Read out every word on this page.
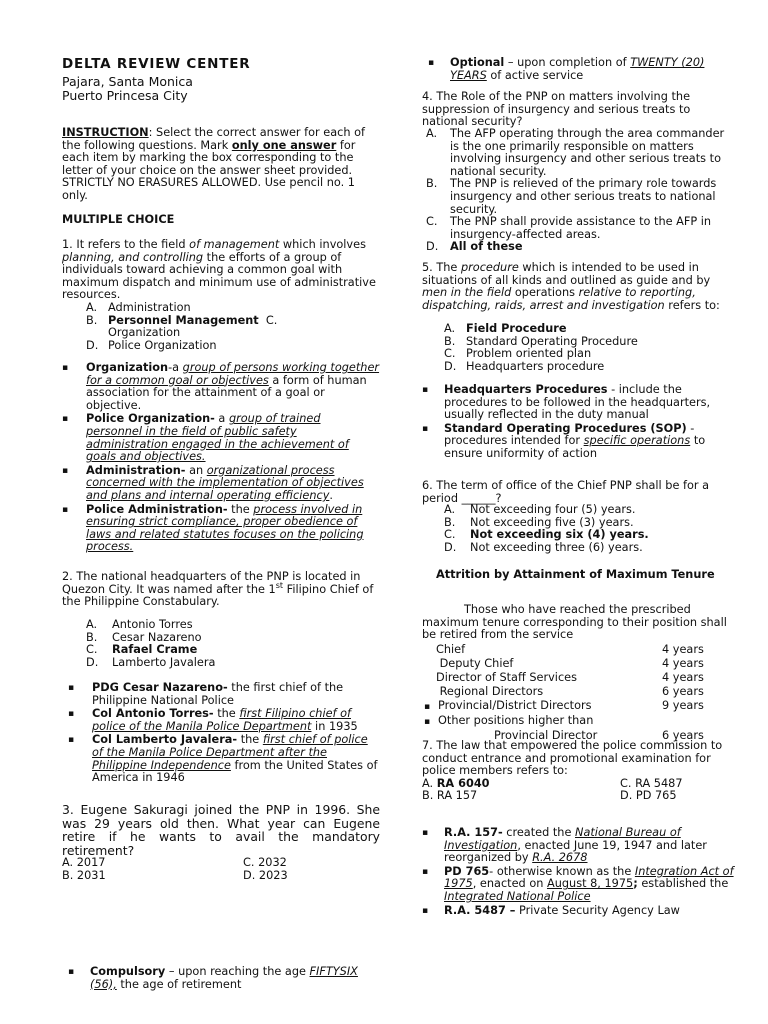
DELTA REVIEW CENTER

Pajara, Santa Monica

Puerto Princesa City

INSTRUCTION: Select the correct answer for each of the following questions. Mark only one answer for each item by marking the box corresponding to the letter of your choice on the answer sheet provided. STRICTLY NO ERASURES ALLOWED. Use pencil no. 1 only.

MULTIPLE CHOICE

1. It refers to the field of management which involves planning, and controlling the efforts of a group of individuals toward achieving a common goal with maximum dispatch and minimum use of administrative resources.

A. Administration
B. Personnel Management C.
Organization
D. Police Organization
▪ Organization-a group of persons working together for a common goal or objectives a form of human association for the attainment of a goal or objective.
▪ Police Organization- a group of trained personnel in the field of public safety administration engaged in the achievement of goals and objectives.
▪ Administration- an organizational process concerned with the implementation of objectives and plans and internal operating efficiency.
▪ Police Administration- the process involved in ensuring strict compliance, proper obedience of laws and related statutes focuses on the policing process.

2. The national headquarters of the PNP is located in Quezon City. It was named after the 1st Filipino Chief of the Philippine Constabulary.

A.	Antonio Torres
B.	Cesar Nazareno
C.	Rafael Crame
D.	Lamberto Javalera
▪ PDG Cesar Nazareno- the first chief of the Philippine National Police
▪ Col Antonio Torres- the first Filipino chief of police of the Manila Police Department in 1935
▪ Col Lamberto Javalera- the first chief of police of the Manila Police Department after the Philippine Independence from the United States of America in 1946

3. Eugene Sakuragi joined the PNP in 1996. She was 29 years old then. What year can Eugene retire if he wants to avail the mandatory retirement?

A. 2017	C. 2032
B. 2031	D. 2023
▪ Compulsory – upon reaching the age FIFTYSIX (56), the age of retirement
▪ Optional – upon completion of TWENTY (20) YEARS of active service

4. The Role of the PNP on matters involving the suppression of insurgency and serious treats to national security?

A.	The AFP operating through the area commander is the one primarily responsible on matters involving insurgency and other serious treats to national security.
B.	The PNP is relieved of the primary role towards insurgency and other serious treats to national security.
C.	The PNP shall provide assistance to the AFP in insurgency-affected areas.
D.	All of these

5. The procedure which is intended to be used in situations of all kinds and outlined as guide and by men in the field operations relative to reporting, dispatching, raids, arrest and investigation refers to:

A. Field Procedure
B. Standard Operating Procedure
C. Problem oriented plan
D. Headquarters procedure
▪ Headquarters Procedures - include the procedures to be followed in the headquarters, usually reflected in the duty manual
▪ Standard Operating Procedures (SOP) - procedures intended for specific operations to ensure uniformity of action

6. The term of office of the Chief PNP shall be for a period ______?

A.	Not exceeding four (5) years.
B.	Not exceeding five (3) years.
C.	Not exceeding six (4) years.
D.	Not exceeding three (6) years.

Attrition by Attainment of Maximum Tenure

Those who have reached the prescribed maximum tenure corresponding to their position shall be retired from the service

Chief	4 years
Deputy Chief	4 years
Director of Staff Services	4 years
Regional Directors	6 years
▪ Provincial/District Directors	9 years
▪ Other positions higher than
Provincial Director	6 years

7. The law that empowered the police commission to conduct entrance and promotional examination for police members refers to:

A. RA 6040	C. RA 5487
B. RA 157	D. PD 765
▪ R.A. 157- created the National Bureau of Investigation, enacted June 19, 1947 and later reorganized by R.A. 2678
▪ PD 765- otherwise known as the Integration Act of 1975, enacted on August 8, 1975; established the Integrated National Police
▪ R.A. 5487 – Private Security Agency Law
